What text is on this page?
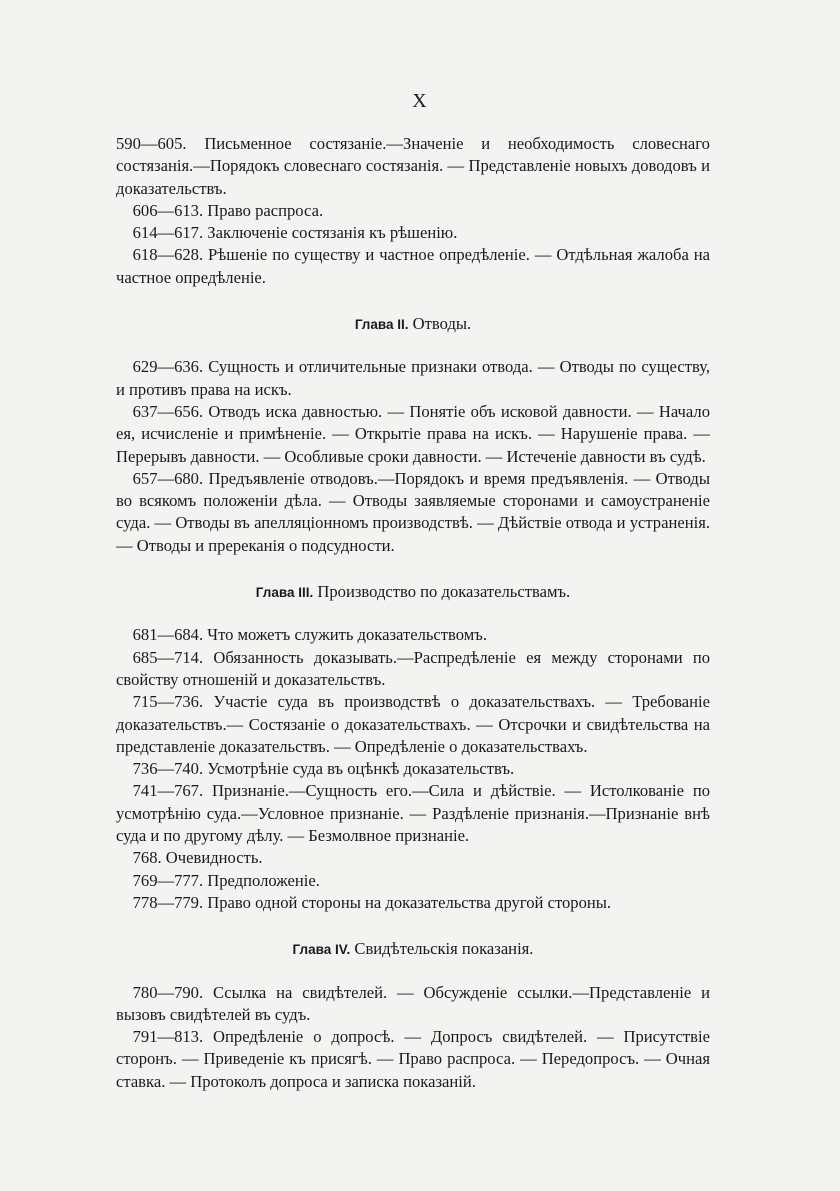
X

590—605. Письменное состязаніе.—Значеніе и необходимость словеснаго состязанія.—Порядокъ словеснаго состязанія. — Представленіе новыхъ доводовъ и доказательствъ.

 606—613. Право распроса.

 614—617. Заключеніе состязанія къ рѣшенію.

 618—628. Рѣшеніе по существу и частное опредѣленіе. — Отдѣльная жалоба на частное опредѣленіе.

Глава II. Отводы.

 629—636. Сущность и отличительные признаки отвода. — Отводы по существу, и противъ права на искъ.

 637—656. Отводъ иска давностью. — Понятіе объ исковой давности. — Начало ея, исчисленіе и примѣненіе. — Открытіе права на искъ. — Нарушеніе права. — Перерывъ давности. — Особливые сроки давности. — Истеченіе давности въ судѣ.

 657—680. Предъявленіе отводовъ.—Порядокъ и время предъявленія. — Отводы во всякомъ положеніи дѣла. — Отводы заявляемые сторонами и самоустраненіе суда. — Отводы въ апелляціонномъ производствѣ. — Дѣйствіе отвода и устраненія. — Отводы и пререканія о подсудности.

Глава III. Производство по доказательствамъ.

 681—684. Что можетъ служить доказательствомъ.

 685—714. Обязанность доказывать.—Распредѣленіе ея между сторонами по свойству отношеній и доказательствъ.

 715—736. Участіе суда въ производствѣ о доказательствахъ. — Требованіе доказательствъ.— Состязаніе о доказательствахъ. — Отсрочки и свидѣтельства на представленіе доказательствъ. — Опредѣленіе о доказательствахъ.

 736—740. Усмотрѣніе суда въ оцѣнкѣ доказательствъ.

 741—767. Признаніе.—Сущность его.—Сила и дѣйствіе. — Истолкованіе по усмотрѣнію суда.—Условное признаніе. — Раздѣленіе признанія.—Признаніе внѣ суда и по другому дѣлу. — Безмолвное признаніе.

 768. Очевидность.

 769—777. Предположеніе.

 778—779. Право одной стороны на доказательства другой стороны.

Глава IV. Свидѣтельскія показанія.

 780—790. Ссылка на свидѣтелей. — Обсужденіе ссылки.—Представленіе и вызовъ свидѣтелей въ судъ.

 791—813. Опредѣленіе о допросѣ. — Допросъ свидѣтелей. — Присутствіе сторонъ. — Приведеніе къ присягѣ. — Право распроса. — Передопросъ. — Очная ставка. — Протоколъ допроса и записка показаній.
